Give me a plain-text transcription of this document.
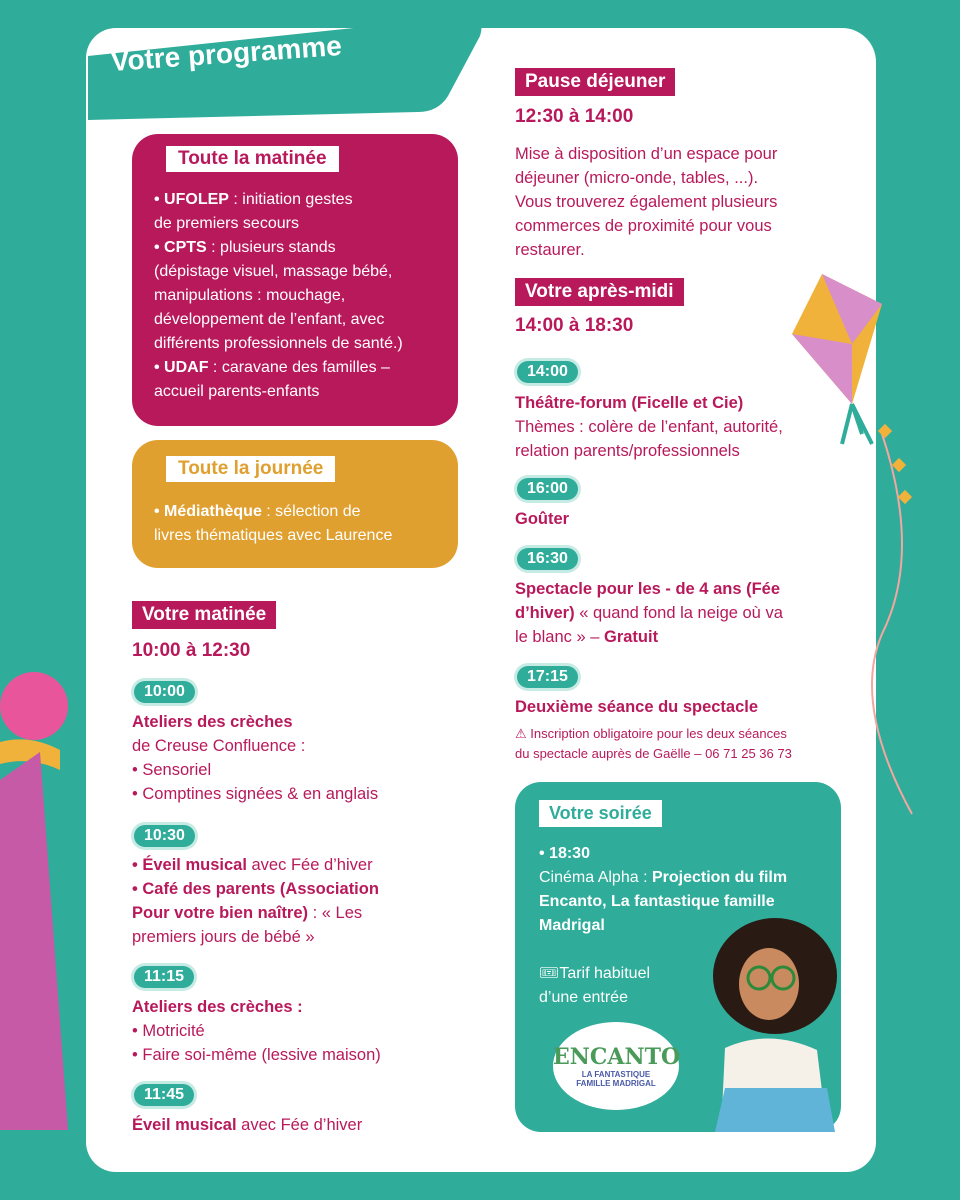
Votre programme
Toute la matinée
• UFOLEP : initiation gestes
de premiers secours
• CPTS : plusieurs stands
(dépistage visuel, massage bébé,
manipulations : mouchage,
développement de l’enfant, avec
différents professionnels de santé.)
• UDAF : caravane des familles –
accueil parents-enfants
Toute la journée
• Médiathèque : sélection de
livres thématiques avec Laurence
Votre matinée
10:00 à 12:30
10:00
Ateliers des crèches
de Creuse Confluence :
• Sensoriel
• Comptines signées & en anglais
10:30
• Éveil musical avec Fée d’hiver
• Café des parents (Association
Pour votre bien naître) : « Les
premiers jours de bébé »
11:15
Ateliers des crèches :
• Motricité
• Faire soi-même (lessive maison)
11:45
Éveil musical avec Fée d’hiver
Pause déjeuner
12:30 à 14:00
Mise à disposition d’un espace pour
déjeuner (micro-onde, tables, ...).
Vous trouverez également plusieurs
commerces de proximité pour vous
restaurer.
Votre après-midi
14:00 à 18:30
14:00
Théâtre-forum (Ficelle et Cie)
Thèmes : colère de l’enfant, autorité,
relation parents/professionnels
16:00
Goûter
16:30
Spectacle pour les - de 4 ans (Fée
d’hiver) « quand fond la neige où va
le blanc » – Gratuit
17:15
Deuxième séance du spectacle
⚠ Inscription obligatoire pour les deux séances
du spectacle auprès de Gaëlle – 06 71 25 36 73
Votre soirée
• 18:30
Cinéma Alpha : Projection du film
Encanto, La fantastique famille
Madrigal
🎟Tarif habituel
d’une entrée
ENCANTO
LA FANTASTIQUE
FAMILLE MADRIGAL
